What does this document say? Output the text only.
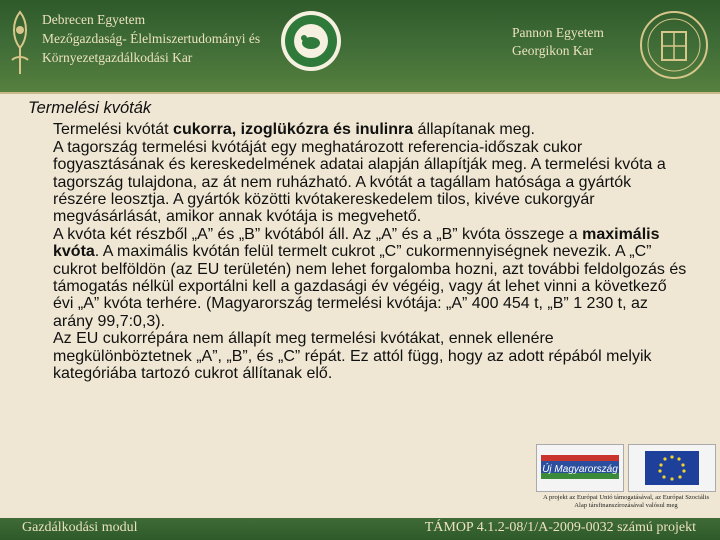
Debrecen Egyetem
Mezőgazdaság- Élelmiszertudományi és
Környezetgazdálkodási Kar
Pannon Egyetem
Georgikon Kar
Termelési kvóták

Termelési kvótát cukorra, izoglükózra és inulinra állapítanak meg.

A tagország termelési kvótáját egy meghatározott referencia-időszak cukor fogyasztásának és kereskedelmének adatai alapján állapítják meg. A termelési kvóta a tagország tulajdona, az át nem ruházható. A kvótát a tagállam hatósága a gyártók részére leosztja. A gyártók közötti kvótakereskedelem tilos, kivéve cukorgyár megvásárlását, amikor annak kvótája is megvehető.

A kvóta két részből „A” és „B” kvótából áll. Az „A” és a „B” kvóta összege a maximális kvóta. A maximális kvótán felül termelt cukrot „C” cukormennyiségnek nevezik. A „C” cukrot belföldön (az EU területén) nem lehet forgalomba hozni, azt további feldolgozás és támogatás nélkül exportálni kell a gazdasági év végéig, vagy át lehet vinni a következő évi „A” kvóta terhére. (Magyarország termelési kvótája: „A” 400 454 t, „B” 1 230 t, az arány 99,7:0,3).

Az EU cukorrépára nem állapít meg termelési kvótákat, ennek ellenére megkülönböztetnek „A”, „B”, és „C” répát. Ez attól függ, hogy az adott répából melyik kategóriába tartozó cukrot állítanak elő.

Új Magyarország
A projekt az Európai Unió támogatásával, az Európai Szociális Alap társfinanszírozásával valósul meg
Gazdálkodási modul	TÁMOP 4.1.2-08/1/A-2009-0032 számú projekt
